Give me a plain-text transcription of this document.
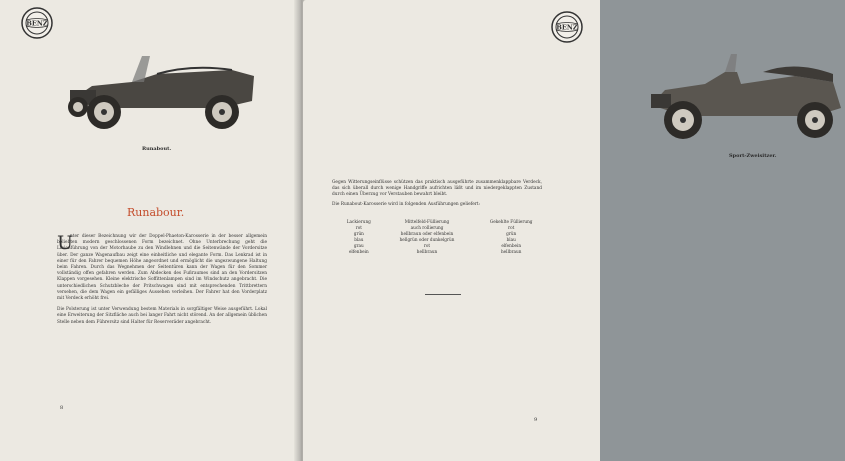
BENZ
Runabout.
Runabour.
U

nter dieser Bezeichnung wir der Doppel-Phaeton-Karosserie in der besser allgemein beliebten modern geschlossenen Form bezeichnet. Ohne Unterbrechung geht die Linienführung von der Motorhaube zu den Windlehnen und die Seitenwände der Vordersitze über. Der ganze Wagenaufbau zeigt eine einheitliche und elegante Form. Das Lenkrad ist in einer für den Fahrer bequemen Höhe angeordnet und ermöglicht die ungezwungene Haltung beim Fahren. Durch das Wegnehmen der Seitentüren kann der Wagen für den Sommer vollständig offen gefahren werden. Zum Abdecken des Fußraumes sind an den Vordersitzen Klappen vorgesehen. Kleine elektrische Soffittenlampen sind im Windschutz angebracht. Die unterschiedlichen Schutzbleche der Pritschwagen sind mit entsprechenden Trittbrettern versehen, die dem Wagen ein gefälliges Aussehen verleihen. Der Fahrer hat den Vorderplatz mit Verdeck erhöht frei.

Die Polsterung ist unter Verwendung bestem Materials in sorgfältiger Weise ausgeführt. Lokal eine Erweiterung der Sitzfläche auch bei langer Fahrt nicht störend. An der allgemein üblichen Stelle neben dem Führersitz sind Halter für Reserveräder angebracht.

8
Sport-Zweisitzer.
BENZ

Gegen Witterungseinflüsse schützen das praktisch ausgeführte zusammenklappbare Verdeck, das sich überall durch wenige Handgriffe aufrichten läßt und im niedergeklappten Zustand durch einen Überzug vor Verstauben bewahrt bleibt.

Die Runabout-Karosserie wird in folgenden Ausführungen geliefert:

Lackierung	Mittelfeld-Füllierung	Gekehlte Füllierung
rot	auch rollierung	rot
grün	hellbraun oder elfenbein	grün
blau	hellgrün oder dunkelgrün	blau
grau	rot	elfenbein
elfenbein	hellbraun	hellbraun
9
